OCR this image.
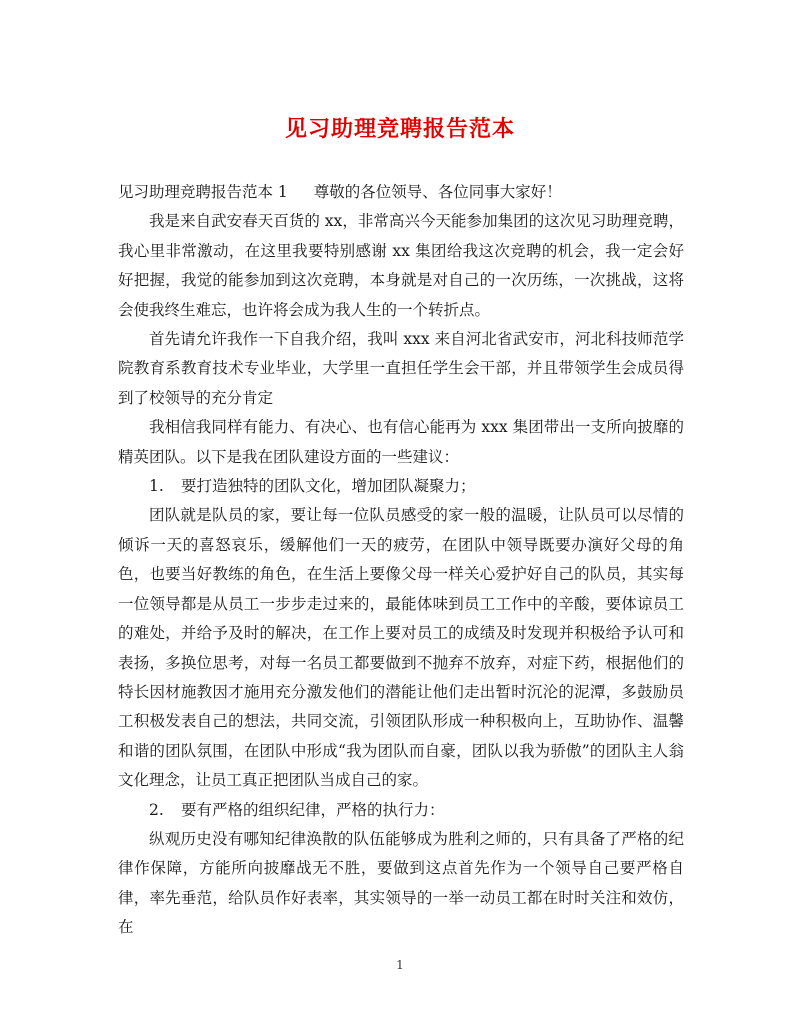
见习助理竞聘报告范本

见习助理竞聘报告范本 1 尊敬的各位领导、各位同事大家好！

我是来自武安春天百货的 xx，非常高兴今天能参加集团的这次见习助理竞聘，我心里非常激动，在这里我要特别感谢 xx 集团给我这次竞聘的机会，我一定会好好把握，我觉的能参加到这次竞聘，本身就是对自己的一次历练，一次挑战，这将会使我终生难忘，也许将会成为我人生的一个转折点。

首先请允许我作一下自我介绍，我叫 xxx 来自河北省武安市，河北科技师范学院教育系教育技术专业毕业，大学里一直担任学生会干部，并且带领学生会成员得到了校领导的充分肯定

我相信我同样有能力、有决心、也有信心能再为 xxx 集团带出一支所向披靡的精英团队。以下是我在团队建设方面的一些建议：

1. 要打造独特的团队文化，增加团队凝聚力；

团队就是队员的家，要让每一位队员感受的家一般的温暖，让队员可以尽情的倾诉一天的喜怒哀乐，缓解他们一天的疲劳，在团队中领导既要办演好父母的角色，也要当好教练的角色，在生活上要像父母一样关心爱护好自己的队员，其实每一位领导都是从员工一步步走过来的，最能体味到员工工作中的辛酸，要体谅员工的难处，并给予及时的解决，在工作上要对员工的成绩及时发现并积极给予认可和表扬，多换位思考，对每一名员工都要做到不抛弃不放弃，对症下药，根据他们的特长因材施教因才施用充分激发他们的潜能让他们走出暂时沉沦的泥潭，多鼓励员工积极发表自己的想法，共同交流，引领团队形成一种积极向上，互助协作、温馨和谐的团队氛围，在团队中形成“我为团队而自豪，团队以我为骄傲”的团队主人翁文化理念，让员工真正把团队当成自己的家。

2. 要有严格的组织纪律，严格的执行力：

纵观历史没有哪知纪律涣散的队伍能够成为胜利之师的，只有具备了严格的纪律作保障，方能所向披靡战无不胜，要做到这点首先作为一个领导自己要严格自律，率先垂范，给队员作好表率，其实领导的一举一动员工都在时时关注和效仿，在

1
